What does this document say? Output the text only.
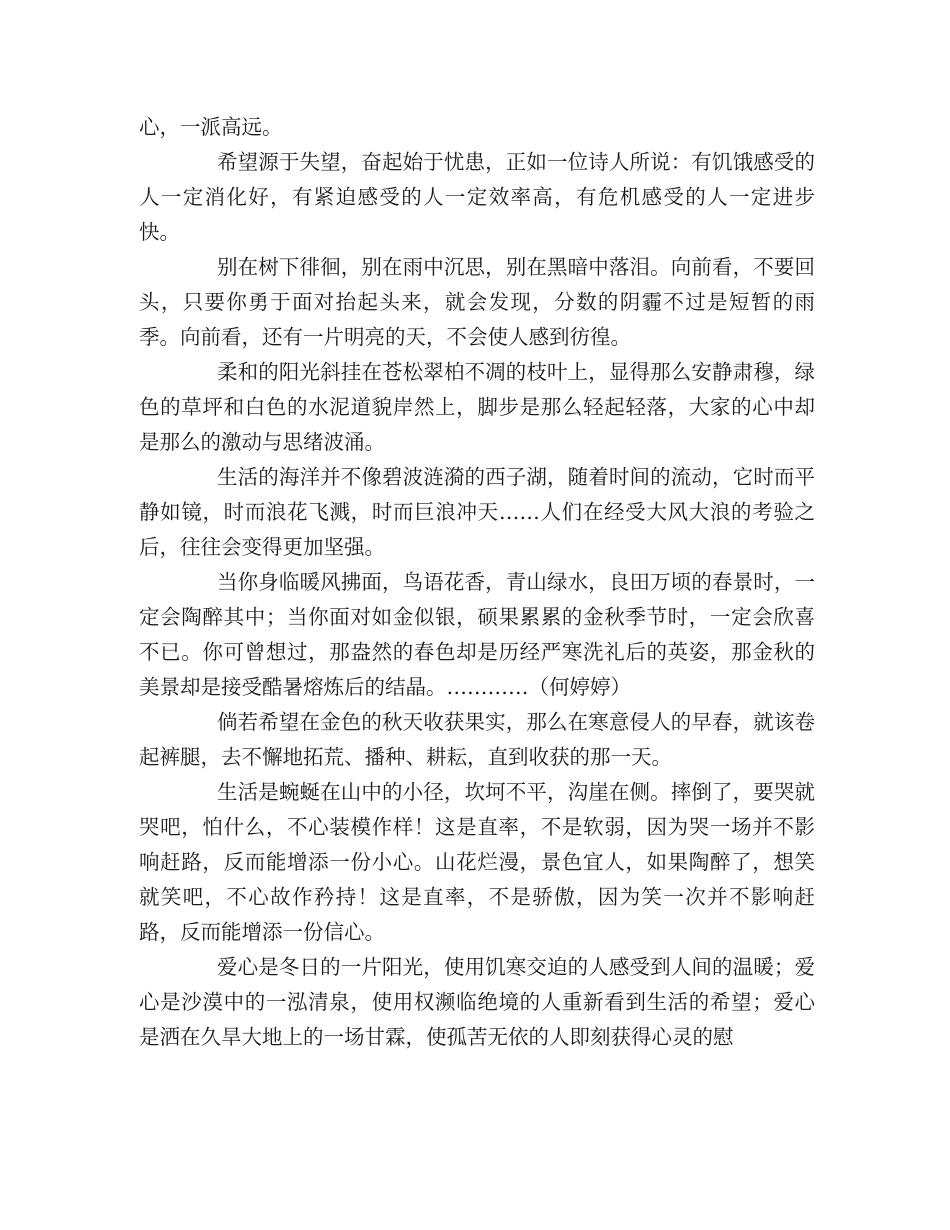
心，一派高远。

希望源于失望，奋起始于忧患，正如一位诗人所说：有饥饿感受的人一定消化好，有紧迫感受的人一定效率高，有危机感受的人一定进步快。

别在树下徘徊，别在雨中沉思，别在黑暗中落泪。向前看，不要回头，只要你勇于面对抬起头来，就会发现，分数的阴霾不过是短暂的雨季。向前看，还有一片明亮的天，不会使人感到彷徨。

柔和的阳光斜挂在苍松翠柏不凋的枝叶上，显得那么安静肃穆，绿色的草坪和白色的水泥道貌岸然上，脚步是那么轻起轻落，大家的心中却是那么的激动与思绪波涌。

生活的海洋并不像碧波涟漪的西子湖，随着时间的流动，它时而平静如镜，时而浪花飞溅，时而巨浪冲天……人们在经受大风大浪的考验之后，往往会变得更加坚强。

当你身临暖风拂面，鸟语花香，青山绿水，良田万顷的春景时，一定会陶醉其中；当你面对如金似银，硕果累累的金秋季节时，一定会欣喜不已。你可曾想过，那盎然的春色却是历经严寒洗礼后的英姿，那金秋的美景却是接受酷暑熔炼后的结晶。…………（何婷婷）

倘若希望在金色的秋天收获果实，那么在寒意侵人的早春，就该卷起裤腿，去不懈地拓荒、播种、耕耘，直到收获的那一天。

生活是蜿蜒在山中的小径，坎坷不平，沟崖在侧。摔倒了，要哭就哭吧，怕什么，不心装模作样！这是直率，不是软弱，因为哭一场并不影响赶路，反而能增添一份小心。山花烂漫，景色宜人，如果陶醉了，想笑就笑吧，不心故作矜持！这是直率，不是骄傲，因为笑一次并不影响赶路，反而能增添一份信心。

爱心是冬日的一片阳光，使用饥寒交迫的人感受到人间的温暖；爱心是沙漠中的一泓清泉，使用权濒临绝境的人重新看到生活的希望；爱心是洒在久旱大地上的一场甘霖，使孤苦无依的人即刻获得心灵的慰
